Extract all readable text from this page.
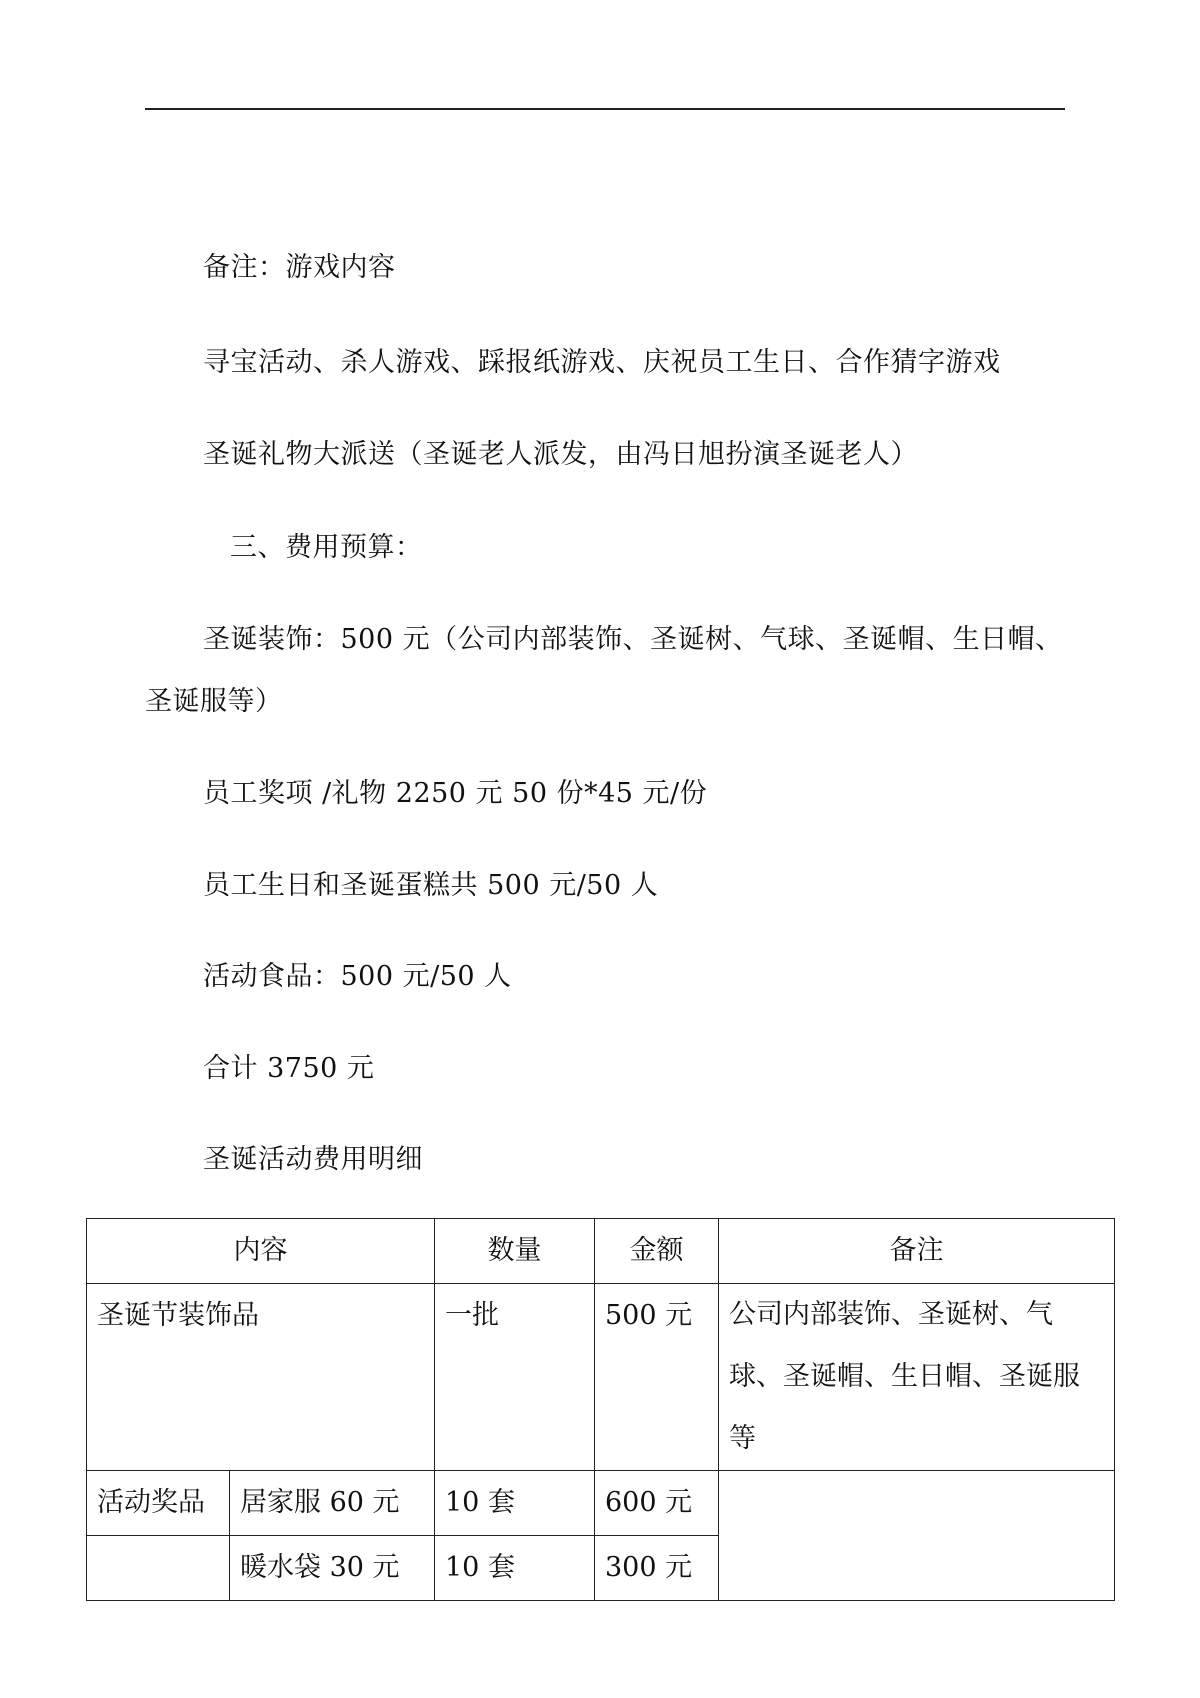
备注：游戏内容
寻宝活动、杀人游戏、踩报纸游戏、庆祝员工生日、合作猜字游戏
圣诞礼物大派送（圣诞老人派发，由冯日旭扮演圣诞老人）
三、费用预算：
圣诞装饰：500 元（公司内部装饰、圣诞树、气球、圣诞帽、生日帽、
圣诞服等）
员工奖项 /礼物 2250 元 50 份*45 元/份
员工生日和圣诞蛋糕共 500 元/50 人
活动食品：500 元/50 人
合计 3750 元
圣诞活动费用明细
内容		数量	金额	备注
圣诞节装饰品		一批	500 元	公司内部装饰、圣诞树、气球、圣诞帽、生日帽、圣诞服等
活动奖品	居家服 60 元	10 套	600 元	
	暖水袋 30 元	10 套	300 元	
